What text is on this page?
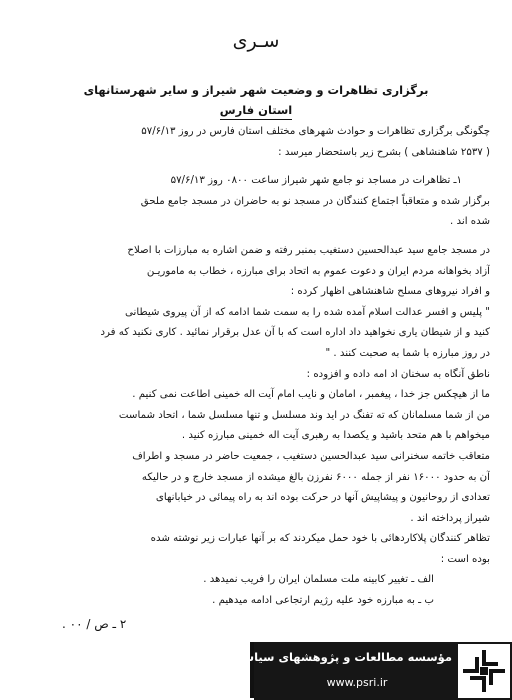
سـرى
برگزاری تظاهرات و وضعیت شهر شیراز و سایر شهرستانهای
استان فارس
چگونگی برگزاری تظاهرات و حوادث شهرهای مختلف استان فارس در روز ۵۷/۶/۱۳
( ۲۵۳۷ شاهنشاهی ) بشرح زیر باستحضار میرسد :
۱ـ تظاهرات در مساجد نو جامع شهر شیراز ساعت ۰۸۰۰ روز ۵۷/۶/۱۳
برگزار شده و متعاقباً اجتماع کنندگان در مسجد نو به حاضران در مسجد جامع ملحق
شده اند .
در مسجد جامع سید عبدالحسین دستغیب بمنبر رفته و ضمن اشاره به مبارزات با اصلاح
آزاد بخواهانه مردم ایران و دعوت عموم به اتحاد برای مبارزه ، خطاب به ماموریـن
و افراد نیروهای مسلح شاهنشاهی اظهار کرده :
" پلیس و افسر عدالت اسلام آمده شده را به سمت شما ادامه که از آن پیروی شیطانی
کنید و از شیطان یاری نخواهید داد اداره است که با آن عدل برقرار نمائید . کاری نکنید که فرد
در روز مبارزه با شما به صحبت کنند . "
ناطق آنگاه به سخنان اد امه داده و افزوده :
ما از هیچکس جز خدا ، پیغمبر ، امامان و نایب امام آیت اله خمینی اطاعت نمی کنیم .
من از شما مسلمانان که ته تفنگ در اید وند مسلسل و تنها مسلسل شما ، اتحاد شماست
میخواهم با هم متحد باشید و یکصدا به رهبری آیت اله خمینی مبارزه کنید .
متعاقب خاتمه سخنرانی سید عبدالحسین دستغیب ، جمعیت حاضر در مسجد و اطراف
آن به حدود ۱۶۰۰۰ نفر از جمله ۶۰۰۰ نفرزن بالغ میشده از مسجد خارج و در حالیکه
تعدادی از روحانیون و پیشاپیش آنها در حرکت بوده اند به راه پیمائی در خیابانهای
شیراز پرداخته اند .
تظاهر کنندگان پلاکاردهائی با خود حمل میکردند که بر آنها عبارات زیر نوشته شده
بوده است :
الف ـ تغییر کابینه ملت مسلمان ایران را فریب نمیدهد .
ب ـ به مبارزه خود علیه رژیم ارتجاعی ادامه میدهیم .
۲ ـ ص / ۰۰ .
مؤسسه مطالعات و پژوهشهای سیاسی
www.psri.ir
